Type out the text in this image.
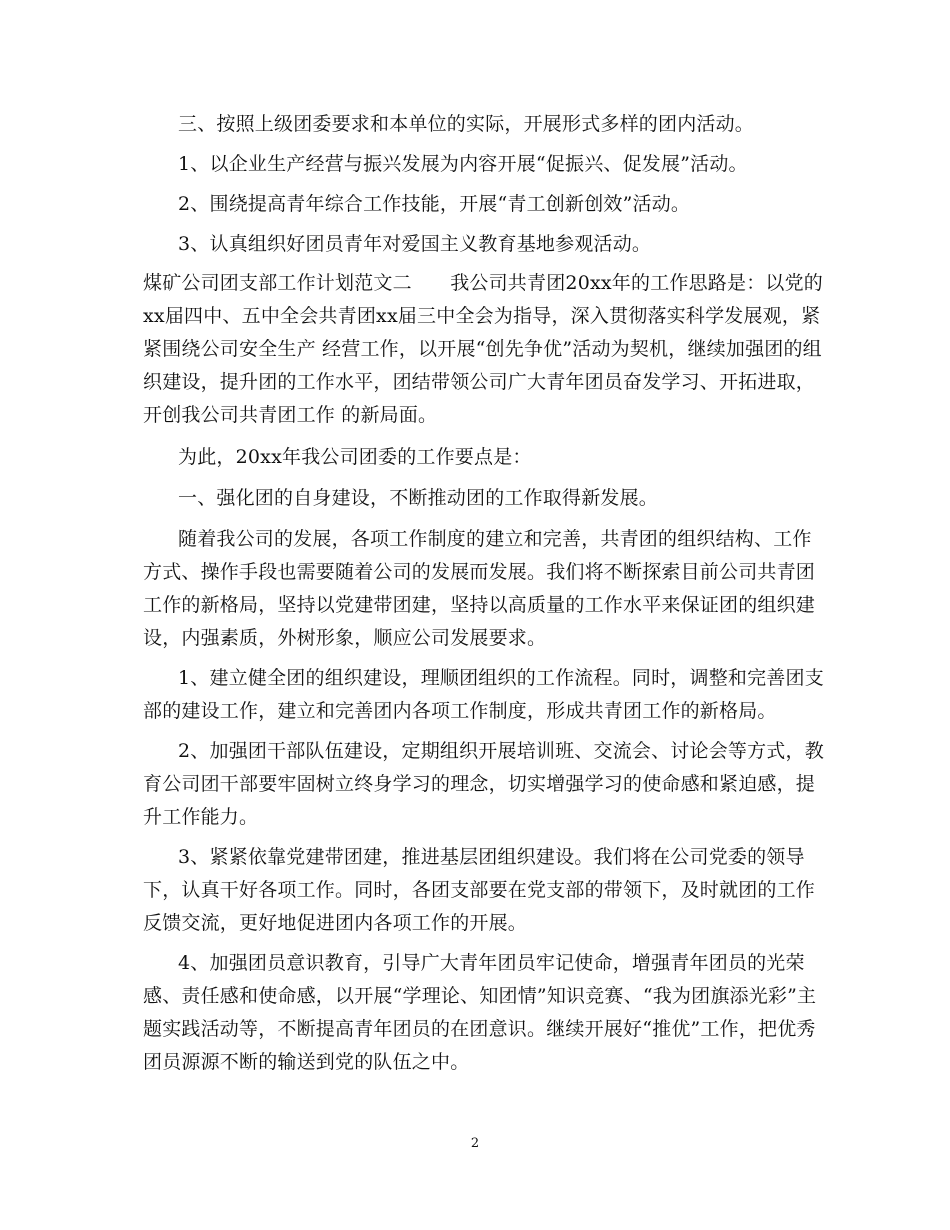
三、按照上级团委要求和本单位的实际，开展形式多样的团内活动。
1、以企业生产经营与振兴发展为内容开展“促振兴、促发展”活动。
2、围绕提高青年综合工作技能，开展“青工创新创效”活动。
3、认真组织好团员青年对爱国主义教育基地参观活动。
煤矿公司团支部工作计划范文二　　我公司共青团20xx年的工作思路是：以党的
xx届四中、五中全会共青团xx届三中全会为指导，深入贯彻落实科学发展观，紧
紧围绕公司安全生产 经营工作，以开展“创先争优”活动为契机，继续加强团的组
织建设，提升团的工作水平，团结带领公司广大青年团员奋发学习、开拓进取，
开创我公司共青团工作 的新局面。
为此，20xx年我公司团委的工作要点是：
一、强化团的自身建设，不断推动团的工作取得新发展。
随着我公司的发展，各项工作制度的建立和完善，共青团的组织结构、工作
方式、操作手段也需要随着公司的发展而发展。我们将不断探索目前公司共青团
工作的新格局，坚持以党建带团建，坚持以高质量的工作水平来保证团的组织建
设，内强素质，外树形象，顺应公司发展要求。
1、建立健全团的组织建设，理顺团组织的工作流程。同时，调整和完善团支
部的建设工作，建立和完善团内各项工作制度，形成共青团工作的新格局。
2、加强团干部队伍建设，定期组织开展培训班、交流会、讨论会等方式，教
育公司团干部要牢固树立终身学习的理念，切实增强学习的使命感和紧迫感，提
升工作能力。
3、紧紧依靠党建带团建，推进基层团组织建设。我们将在公司党委的领导
下，认真干好各项工作。同时，各团支部要在党支部的带领下，及时就团的工作
反馈交流，更好地促进团内各项工作的开展。
4、加强团员意识教育，引导广大青年团员牢记使命，增强青年团员的光荣
感、责任感和使命感，以开展“学理论、知团情”知识竞赛、“我为团旗添光彩”主
题实践活动等，不断提高青年团员的在团意识。继续开展好“推优”工作，把优秀
团员源源不断的输送到党的队伍之中。
2
